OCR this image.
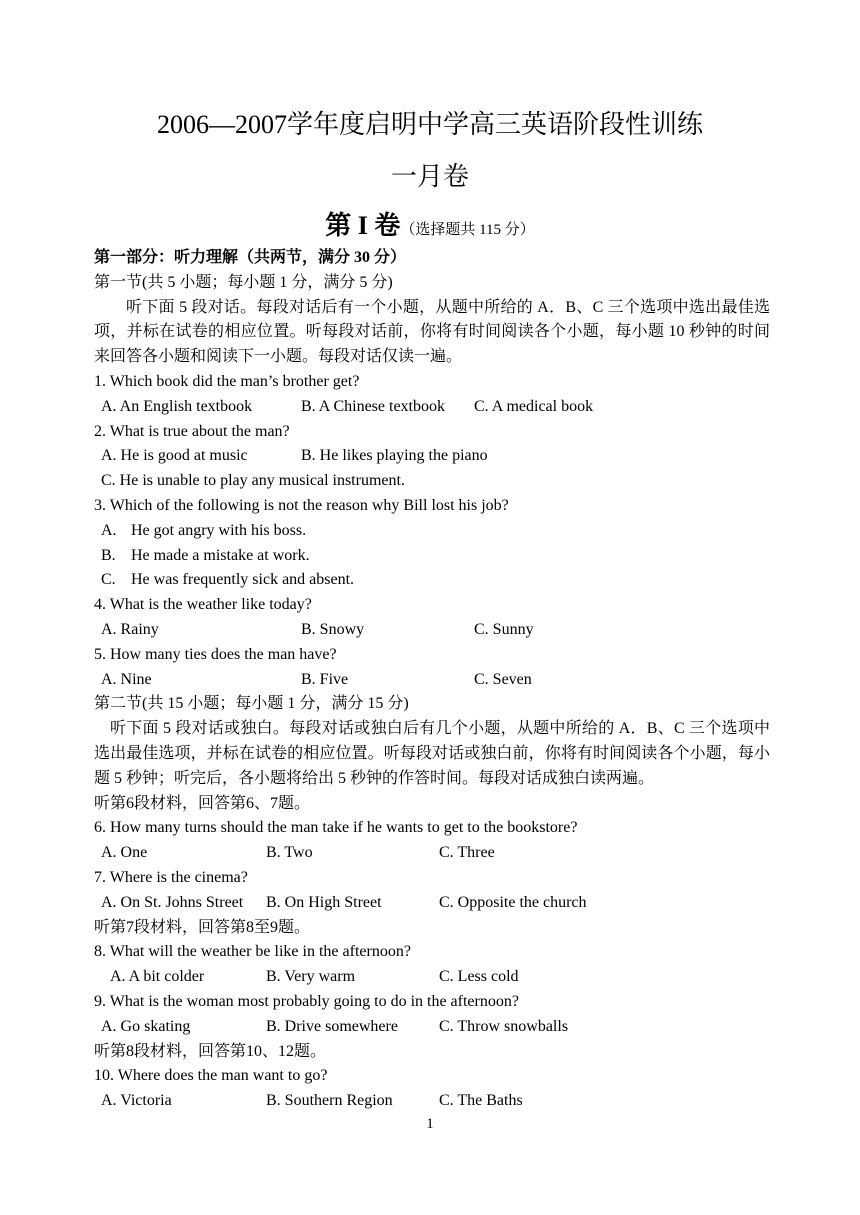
2006—2007学年度启明中学高三英语阶段性训练
一月卷
第 I 卷（选择题共 115 分）
第一部分：听力理解（共两节，满分 30 分）
第一节(共 5 小题；每小题 1 分，满分 5 分)
听下面 5 段对话。每段对话后有一个小题，从题中所给的 A．B、C 三个选项中选出最佳选项，并标在试卷的相应位置。听每段对话前，你将有时间阅读各个小题，每小题 10 秒钟的时间来回答各小题和阅读下一小题。每段对话仅读一遍。
1. Which book did the man’s brother get?
A. An English textbook	B. A Chinese textbook C. A medical book
2. What is true about the man?
A. He is good at music	B. He likes playing the piano
C. He is unable to play any musical instrument.
3. Which of the following is not the reason why Bill lost his job?
A. He got angry with his boss.
B. He made a mistake at work.
C. He was frequently sick and absent.
4. What is the weather like today?
A. Rainy	B. Snowy	C. Sunny
5. How many ties does the man have?
A. Nine	B. Five	C. Seven
第二节(共 15 小题；每小题 1 分，满分 15 分)
听下面 5 段对话或独白。每段对话或独白后有几个小题，从题中所给的 A．B、C 三个选项中选出最佳选项，并标在试卷的相应位置。听每段对话或独白前，你将有时间阅读各个小题，每小题 5 秒钟；听完后，各小题将给出 5 秒钟的作答时间。每段对话成独白读两遍。
听第6段材料，回答第6、7题。
6. How many turns should the man take if he wants to get to the bookstore?
A. One	B. Two	C. Three
7. Where is the cinema?
A. On St. Johns Street B. On High Street	C. Opposite the church
听第7段材料，回答第8至9题。
8. What will the weather be like in the afternoon?
A. A bit colder	B. Very warm	C. Less cold
9. What is the woman most probably going to do in the afternoon?
A. Go skating	B. Drive somewhere	C. Throw snowballs
听第8段材料，回答第10、12题。
10. Where does the man want to go?
A. Victoria	B. Southern Region	C. The Baths
1
